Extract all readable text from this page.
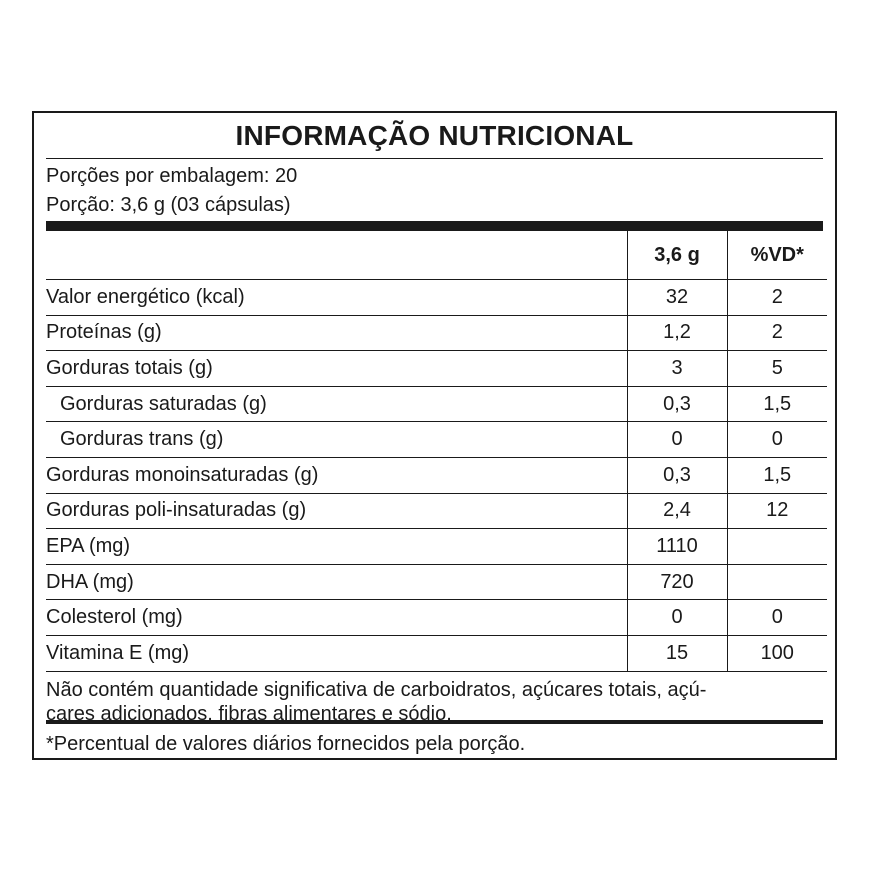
INFORMAÇÃO NUTRICIONAL
Porções por embalagem: 20
Porção: 3,6 g (03 cápsulas)
	3,6 g	%VD*
Valor energético (kcal)	32	2
Proteínas (g)	1,2	2
Gorduras totais (g)	3	5
Gorduras saturadas (g)	0,3	1,5
Gorduras trans (g)	0	0
Gorduras monoinsaturadas (g)	0,3	1,5
Gorduras poli-insaturadas (g)	2,4	12
EPA (mg)	1110	
DHA (mg)	720	
Colesterol (mg)	0	0
Vitamina E (mg)	15	100
Não contém quantidade significativa de carboidratos, açúcares totais, açú-
cares adicionados, fibras alimentares e sódio.
*Percentual de valores diários fornecidos pela porção.
